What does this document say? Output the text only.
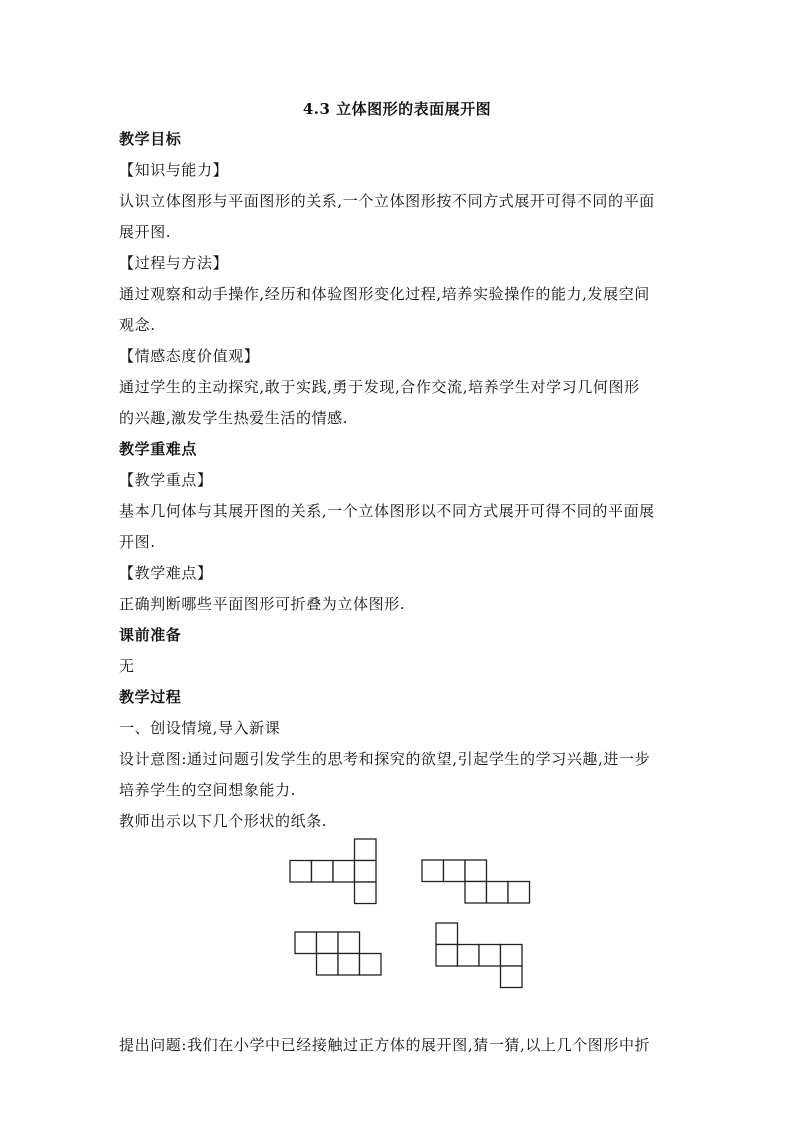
4.3 立体图形的表面展开图
教学目标
【知识与能力】
认识立体图形与平面图形的关系,一个立体图形按不同方式展开可得不同的平面
展开图.
【过程与方法】
通过观察和动手操作,经历和体验图形变化过程,培养实验操作的能力,发展空间
观念.
【情感态度价值观】
通过学生的主动探究,敢于实践,勇于发现,合作交流,培养学生对学习几何图形
的兴趣,激发学生热爱生活的情感.
教学重难点
【教学重点】
基本几何体与其展开图的关系,一个立体图形以不同方式展开可得不同的平面展
开图.
【教学难点】
正确判断哪些平面图形可折叠为立体图形.
课前准备
无
教学过程
一、创设情境,导入新课
设计意图:通过问题引发学生的思考和探究的欲望,引起学生的学习兴趣,进一步
培养学生的空间想象能力.
教师出示以下几个形状的纸条.
提出问题:我们在小学中已经接触过正方体的展开图,猜一猜,以上几个图形中折
